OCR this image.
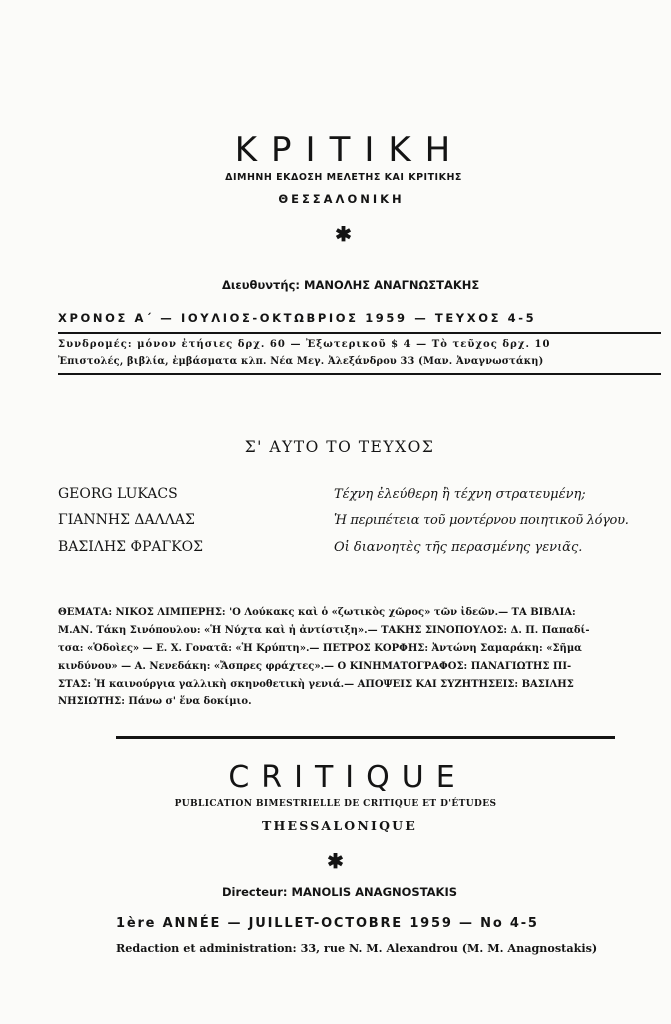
ΚΡΙΤΙΚΗ
ΔΙΜΗΝΗ ΕΚΔΟΣΗ ΜΕΛΕΤΗΣ ΚΑΙ ΚΡΙΤΙΚΗΣ
ΘΕΣΣΑΛΟΝΙΚΗ
✱
Διευθυντής: ΜΑΝΟΛΗΣ ΑΝΑΓΝΩΣΤΑΚΗΣ
ΧΡΟΝΟΣ Α΄ — ΙΟΥΛΙΟΣ-ΟΚΤΩΒΡΙΟΣ 1959 — ΤΕΥΧΟΣ 4-5
Συνδρομές: μόνον ἐτήσιες δρχ. 60 — Ἐξωτερικοῦ $ 4 — Τὸ τεῦχος δρχ. 10
Ἐπιστολές, βιβλία, ἐμβάσματα κλπ. Νέα Μεγ. Ἀλεξάνδρου 33 (Μαν. Ἀναγνωστάκη)
Σ' ΑΥΤΟ ΤΟ ΤΕΥΧΟΣ
GEORG LUKACS	Τέχνη ἐλεύθερη ἢ τέχνη στρατευμένη;
ΓΙΑΝΝΗΣ ΔΑΛΛΑΣ	Ἡ περιπέτεια τοῦ μοντέρνου ποιητικοῦ λόγου.
ΒΑΣΙΛΗΣ ΦΡΑΓΚΟΣ	Οἱ διανοητὲς τῆς περασμένης γενιᾶς.
ΘΕΜΑΤΑ: ΝΙΚΟΣ ΛΙΜΠΕΡΗΣ: 'Ο Λούκακς καὶ ὁ «ζωτικὸς χῶρος» τῶν ἰδεῶν.— ΤΑ ΒΙΒΛΙΑ:
Μ.ΑΝ. Τάκη Σινόπουλου: «Ἡ Νύχτα καὶ ἡ ἀντίστιξη».— ΤΑΚΗΣ ΣΙΝΟΠΟΥΛΟΣ: Δ. Π. Παπαδί-
τσα: «Ὁδοὶες» — Ε. Χ. Γονατᾶ: «Ἡ Κρύπτη».— ΠΕΤΡΟΣ ΚΟΡΦΗΣ: Ἀντώνη Σαμαράκη: «Σῆμα
κινδύνου» — Α. Νενεδάκη: «Ἄσπρες φράχτες».— Ο ΚΙΝΗΜΑΤΟΓΡΑΦΟΣ: ΠΑΝΑΓΙΩΤΗΣ ΠΙ-
ΣΤΑΣ: Ἡ καινούργια γαλλικὴ σκηνοθετικὴ γενιά.— ΑΠΟΨΕΙΣ ΚΑΙ ΣΥΖΗΤΗΣΕΙΣ: ΒΑΣΙΛΗΣ
ΝΗΣΙΩΤΗΣ: Πάνω σ' ἕνα δοκίμιο.
CRITIQUE
PUBLICATION BIMESTRIELLE DE CRITIQUE ET D'ÉTUDES
THESSALONIQUE
✱
Directeur: MANOLIS ANAGNOSTAKIS
1ère ANNÉE — JUILLET-OCTOBRE 1959 — No 4-5
Redaction et administration: 33, rue N. M. Alexandrou (M. M. Anagnostakis)
